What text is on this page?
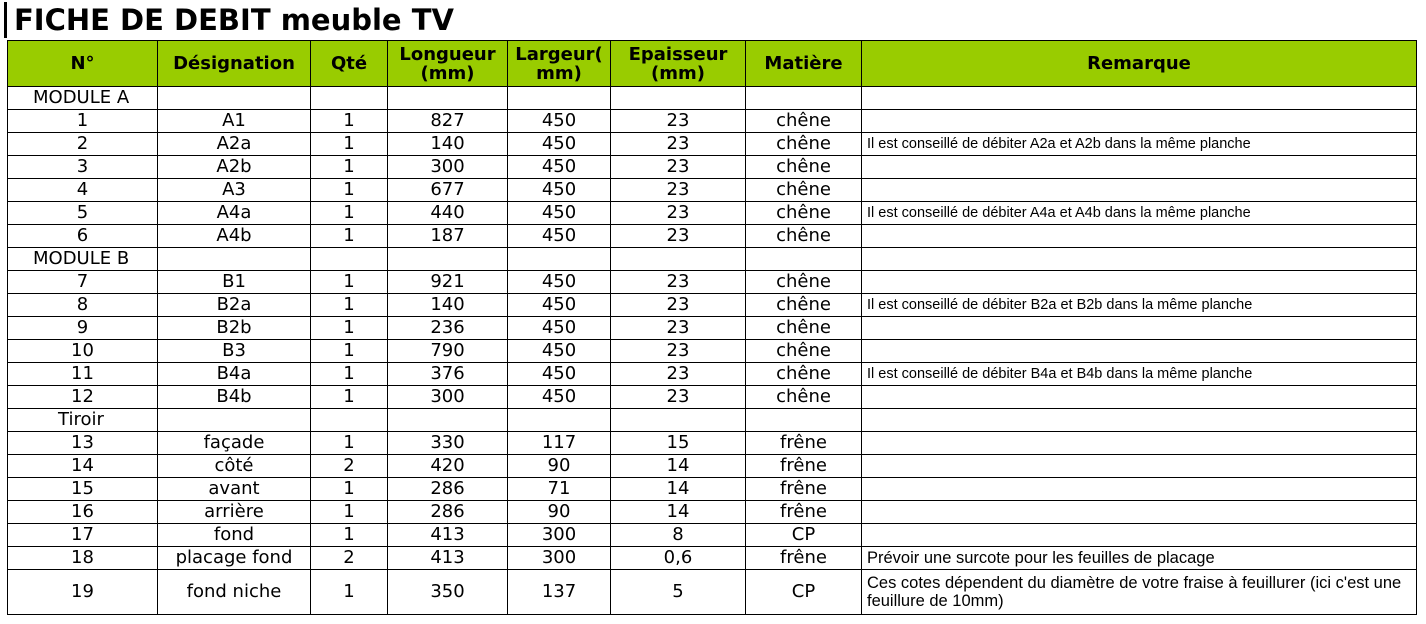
FICHE DE DEBIT meuble TV
N°	Désignation	Qté	Longueur (mm)	Largeur( mm)	Epaisseur (mm)	Matière	Remarque
MODULE A							
1	A1	1	827	450	23	chêne	
2	A2a	1	140	450	23	chêne	Il est conseillé de débiter A2a et A2b dans la même planche
3	A2b	1	300	450	23	chêne	
4	A3	1	677	450	23	chêne	
5	A4a	1	440	450	23	chêne	Il est conseillé de débiter A4a et A4b dans la même planche
6	A4b	1	187	450	23	chêne	
MODULE B							
7	B1	1	921	450	23	chêne	
8	B2a	1	140	450	23	chêne	Il est conseillé de débiter B2a et B2b dans la même planche
9	B2b	1	236	450	23	chêne	
10	B3	1	790	450	23	chêne	
11	B4a	1	376	450	23	chêne	Il est conseillé de débiter B4a et B4b dans la même planche
12	B4b	1	300	450	23	chêne	
Tiroir							
13	façade	1	330	117	15	frêne	
14	côté	2	420	90	14	frêne	
15	avant	1	286	71	14	frêne	
16	arrière	1	286	90	14	frêne	
17	fond	1	413	300	8	CP	
18	placage fond	2	413	300	0,6	frêne	Prévoir une surcote pour les feuilles de placage
19	fond niche	1	350	137	5	CP	Ces cotes dépendent du diamètre de votre fraise à feuillurer (ici c'est une feuillure de 10mm)
